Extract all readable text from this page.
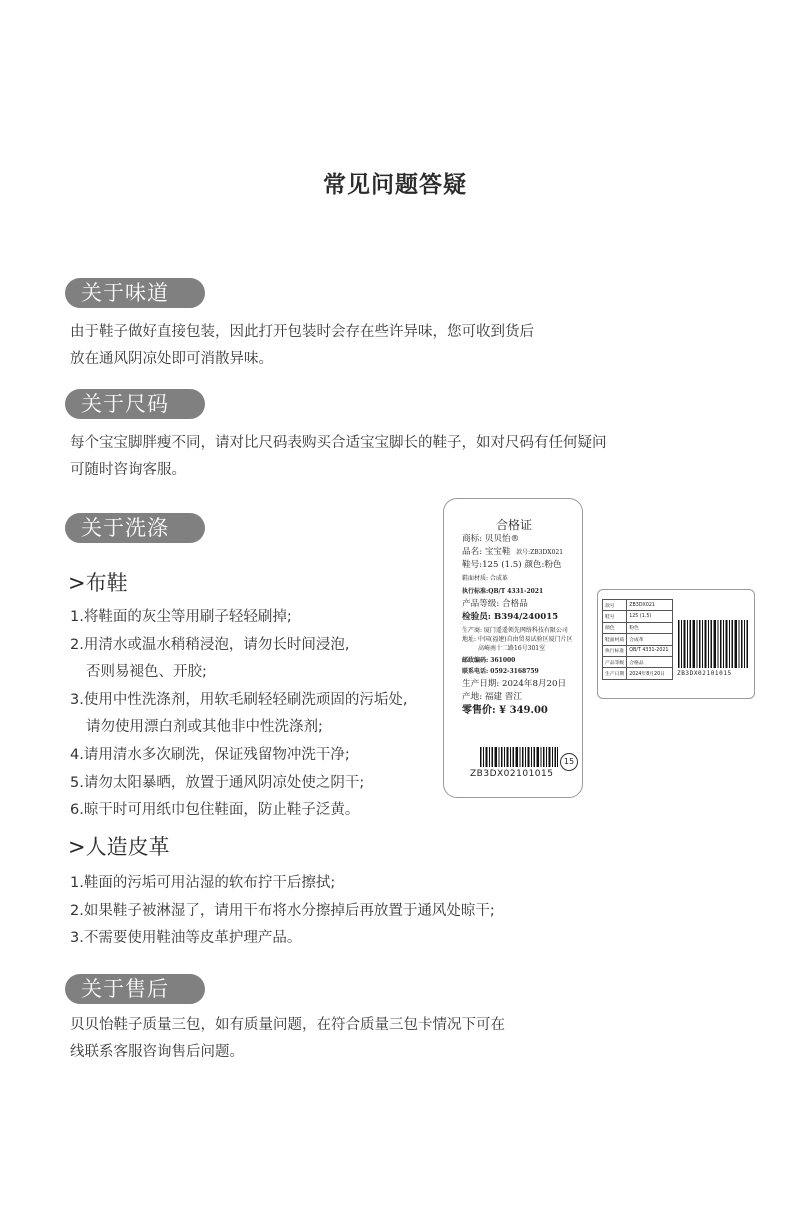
常见问题答疑
关于味道
由于鞋子做好直接包装，因此打开包装时会存在些许异味，您可收到货后
放在通风阴凉处即可消散异味。
关于尺码
每个宝宝脚胖瘦不同，请对比尺码表购买合适宝宝脚长的鞋子，如对尺码有任何疑问
可随时咨询客服。
关于洗涤
>布鞋
1.将鞋面的灰尘等用刷子轻轻刷掉;
2.用清水或温水稍稍浸泡，请勿长时间浸泡,
否则易褪色、开胶;
3.使用中性洗涤剂，用软毛刷轻轻刷洗顽固的污垢处,
请勿使用漂白剂或其他非中性洗涤剂;
4.请用清水多次刷洗，保证残留物冲洗干净;
5.请勿太阳暴晒，放置于通风阴凉处使之阴干;
6.晾干时可用纸巾包住鞋面，防止鞋子泛黄。
>人造皮革
1.鞋面的污垢可用沾湿的软布拧干后擦拭;
2.如果鞋子被淋湿了，请用干布将水分擦掉后再放置于通风处晾干;
3.不需要使用鞋油等皮革护理产品。
关于售后
贝贝怡鞋子质量三包，如有质量问题，在符合质量三包卡情况下可在
线联系客服咨询售后问题。
合格证
商标: 贝贝怡®
品名: 宝宝鞋 款号:ZB3DX021
鞋号:125 (1.5) 颜色:粉色
鞋面材质: 合成革
执行标准:QB/T 4331-2021
产品等级: 合格品
检验员: B394/240015
生产商: 厦门遥遥领先网络科技有限公司
地址: 中国(福建)自由贸易试验区厦门片区
高崎南十二路16号301室
邮政编码: 361000
联系电话: 0592-3168759
生产日期: 2024年8月20日
产地: 福建 晋江
零售价: ¥ 349.00
ZB3DX02101015
15
款号	ZB3DX021
鞋号	125 (1.5)
颜色	粉色
鞋面材质	合成革
执行标准	QB/T 4331-2021
产品等级	合格品
生产日期	2024年8月20日 ZB3DX02101015
